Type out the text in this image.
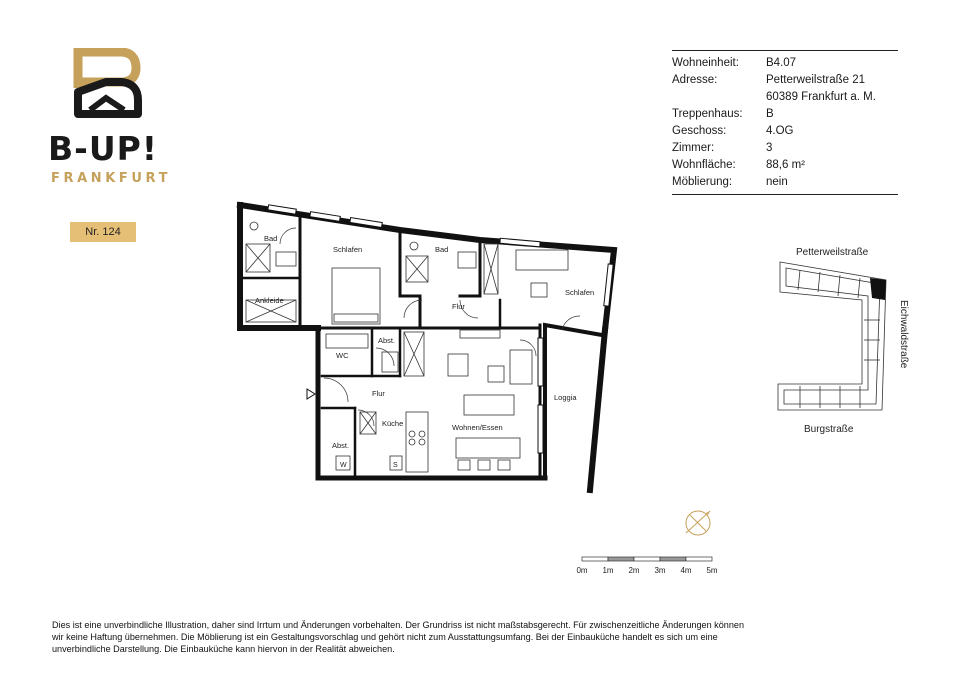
B-UP!
FRANKFURT
Nr. 124
Wohneinheit:	B4.07
Adresse:	Petterweilstraße 21
60389 Frankfurt a. M.
Treppenhaus:	B
Geschoss:	4.OG
Zimmer:	3
Wohnfläche:	88,6 m²
Möblierung:	nein
Bad
Ankleide
Schlafen	Bad
Flur
Schlafen
WC
Abst.
Flur
Küche
Abst.
Wohnen/Essen
Loggia
W	S
Petterweilstraße
Eichwaldstraße
Burgstraße
0m 1m 2m 3m 4m 5m
Dies ist eine unverbindliche Illustration, daher sind Irrtum und Änderungen vorbehalten. Der Grundriss ist nicht maßstabsgerecht. Für zwischenzeitliche Änderungen können wir keine Haftung übernehmen. Die Möblierung ist ein Gestaltungsvorschlag und gehört nicht zum Ausstattungsumfang. Bei der Einbauküche handelt es sich um eine unverbindliche Darstellung. Die Einbauküche kann hiervon in der Realität abweichen.
